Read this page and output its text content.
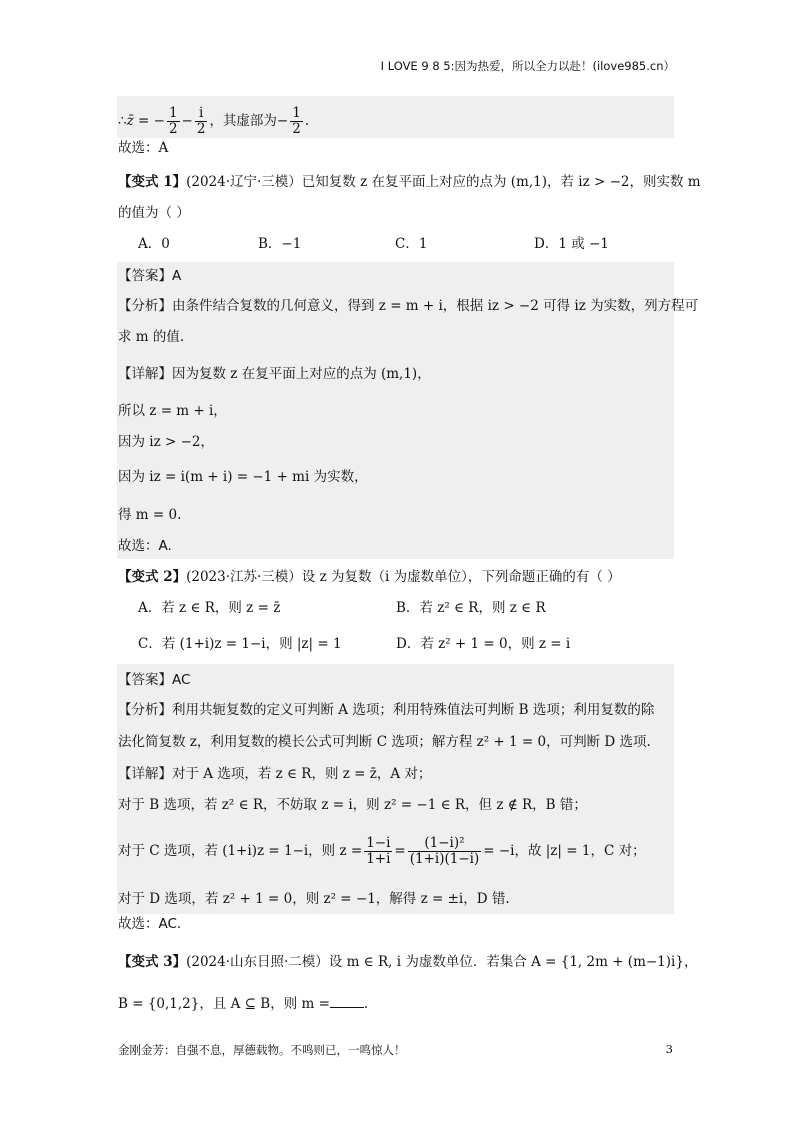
I LOVE 9 8 5:因为热爱，所以全力以赴！(ilove985.cn）
∴z̄ = − $\frac{1}{2} - \frac{i}{2}$ ，其虚部为− $\frac{1}{2}$ .
故选：A
【变式 1】(2024·辽宁·三模）已知复数 z 在复平面上对应的点为 (m,1)，若 iz > −2，则实数 m
的值为（ ）
A．0	B．−1	C．1	D．1 或 −1
【答案】A
【分析】由条件结合复数的几何意义，得到 z = m + i，根据 iz > −2 可得 iz 为实数，列方程可
求 m 的值.
【详解】因为复数 z 在复平面上对应的点为 (m,1)，
所以 z = m + i，
因为 iz > −2，
因为 iz = i(m + i) = −1 + mi 为实数，
得 m = 0.
故选：A.
【变式 2】(2023·江苏·三模）设 z 为复数（i 为虚数单位），下列命题正确的有（ ）
A．若 z ∈ R，则 z = z̄	B．若 z² ∈ R，则 z ∈ R
C．若 (1+i)z = 1−i，则 |z| = 1	D．若 z² + 1 = 0，则 z = i
【答案】AC
【分析】利用共轭复数的定义可判断 A 选项；利用特殊值法可判断 B 选项；利用复数的除
法化简复数 z，利用复数的模长公式可判断 C 选项；解方程 z² + 1 = 0，可判断 D 选项.
【详解】对于 A 选项，若 z ∈ R，则 z = z̄，A 对；
对于 B 选项，若 z² ∈ R，不妨取 z = i，则 z² = −1 ∈ R，但 z ∉ R，B 错；
对于 C 选项，若 (1+i)z = 1−i，则 $z = \frac{1-i}{1+i} = \frac{\text{(1−i)²}}{(1+i)(1-i)} = -i$，故 |z| = 1，C 对；
对于 D 选项，若 z² + 1 = 0，则 z² = −1，解得 z = ±i，D 错.
故选：AC.
【变式 3】(2024·山东日照·二模）设 m ∈ R, i 为虚数单位．若集合 A = {1, 2m + (m−1)i}，
B = {0,1,2}，且 A ⊆ B，则 m =	.
金刚金芳：自强不息，厚德载物。不鸣则已，一鸣惊人！	3
